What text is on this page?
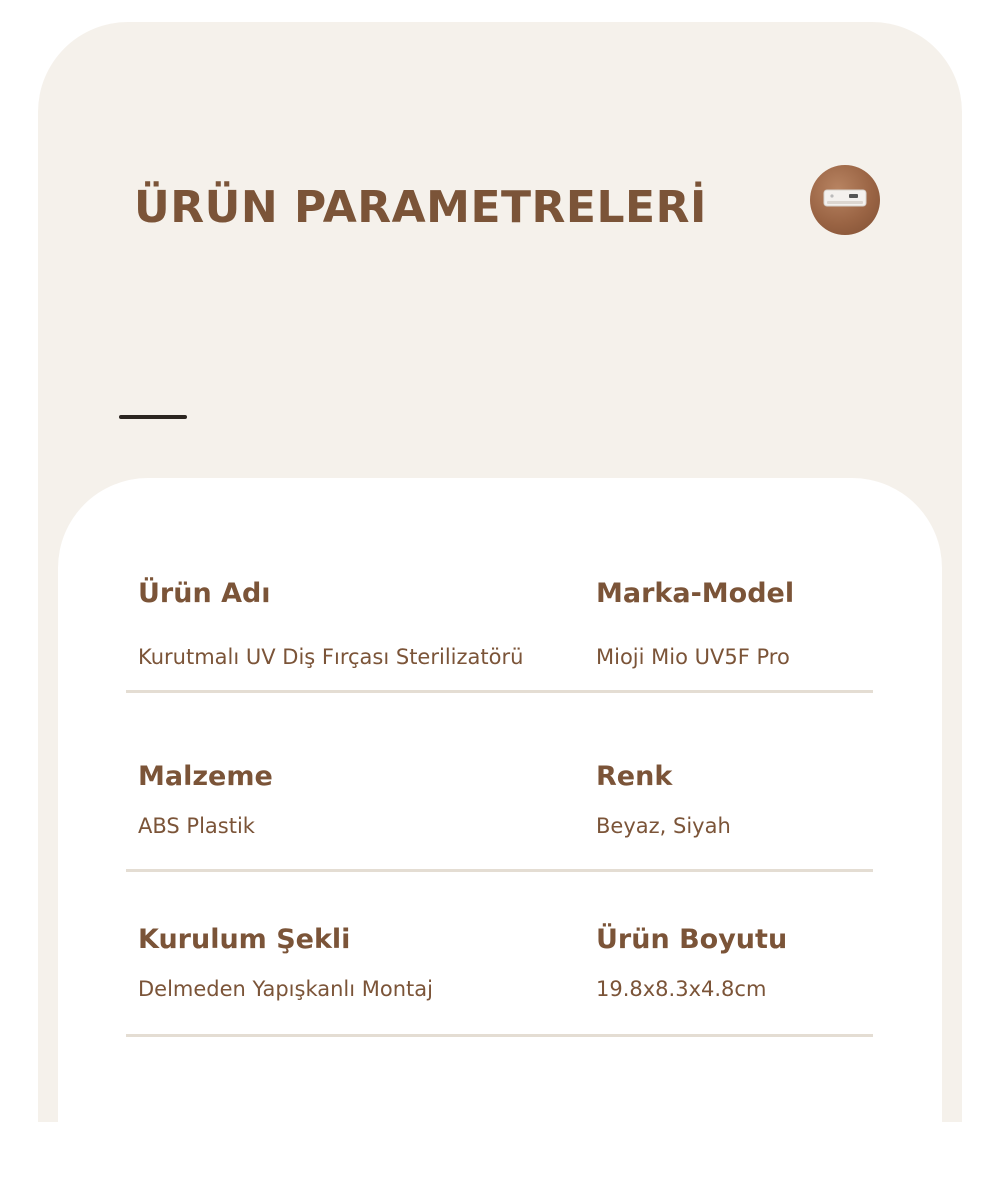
ÜRÜN PARAMETRELERİ
Ürün Adı
Kurutmalı UV Diş Fırçası Sterilizatörü
Marka-Model
Mioji Mio UV5F Pro
Malzeme
ABS Plastik
Renk
Beyaz, Siyah
Kurulum Şekli
Delmeden Yapışkanlı Montaj
Ürün Boyutu
19.8x8.3x4.8cm
